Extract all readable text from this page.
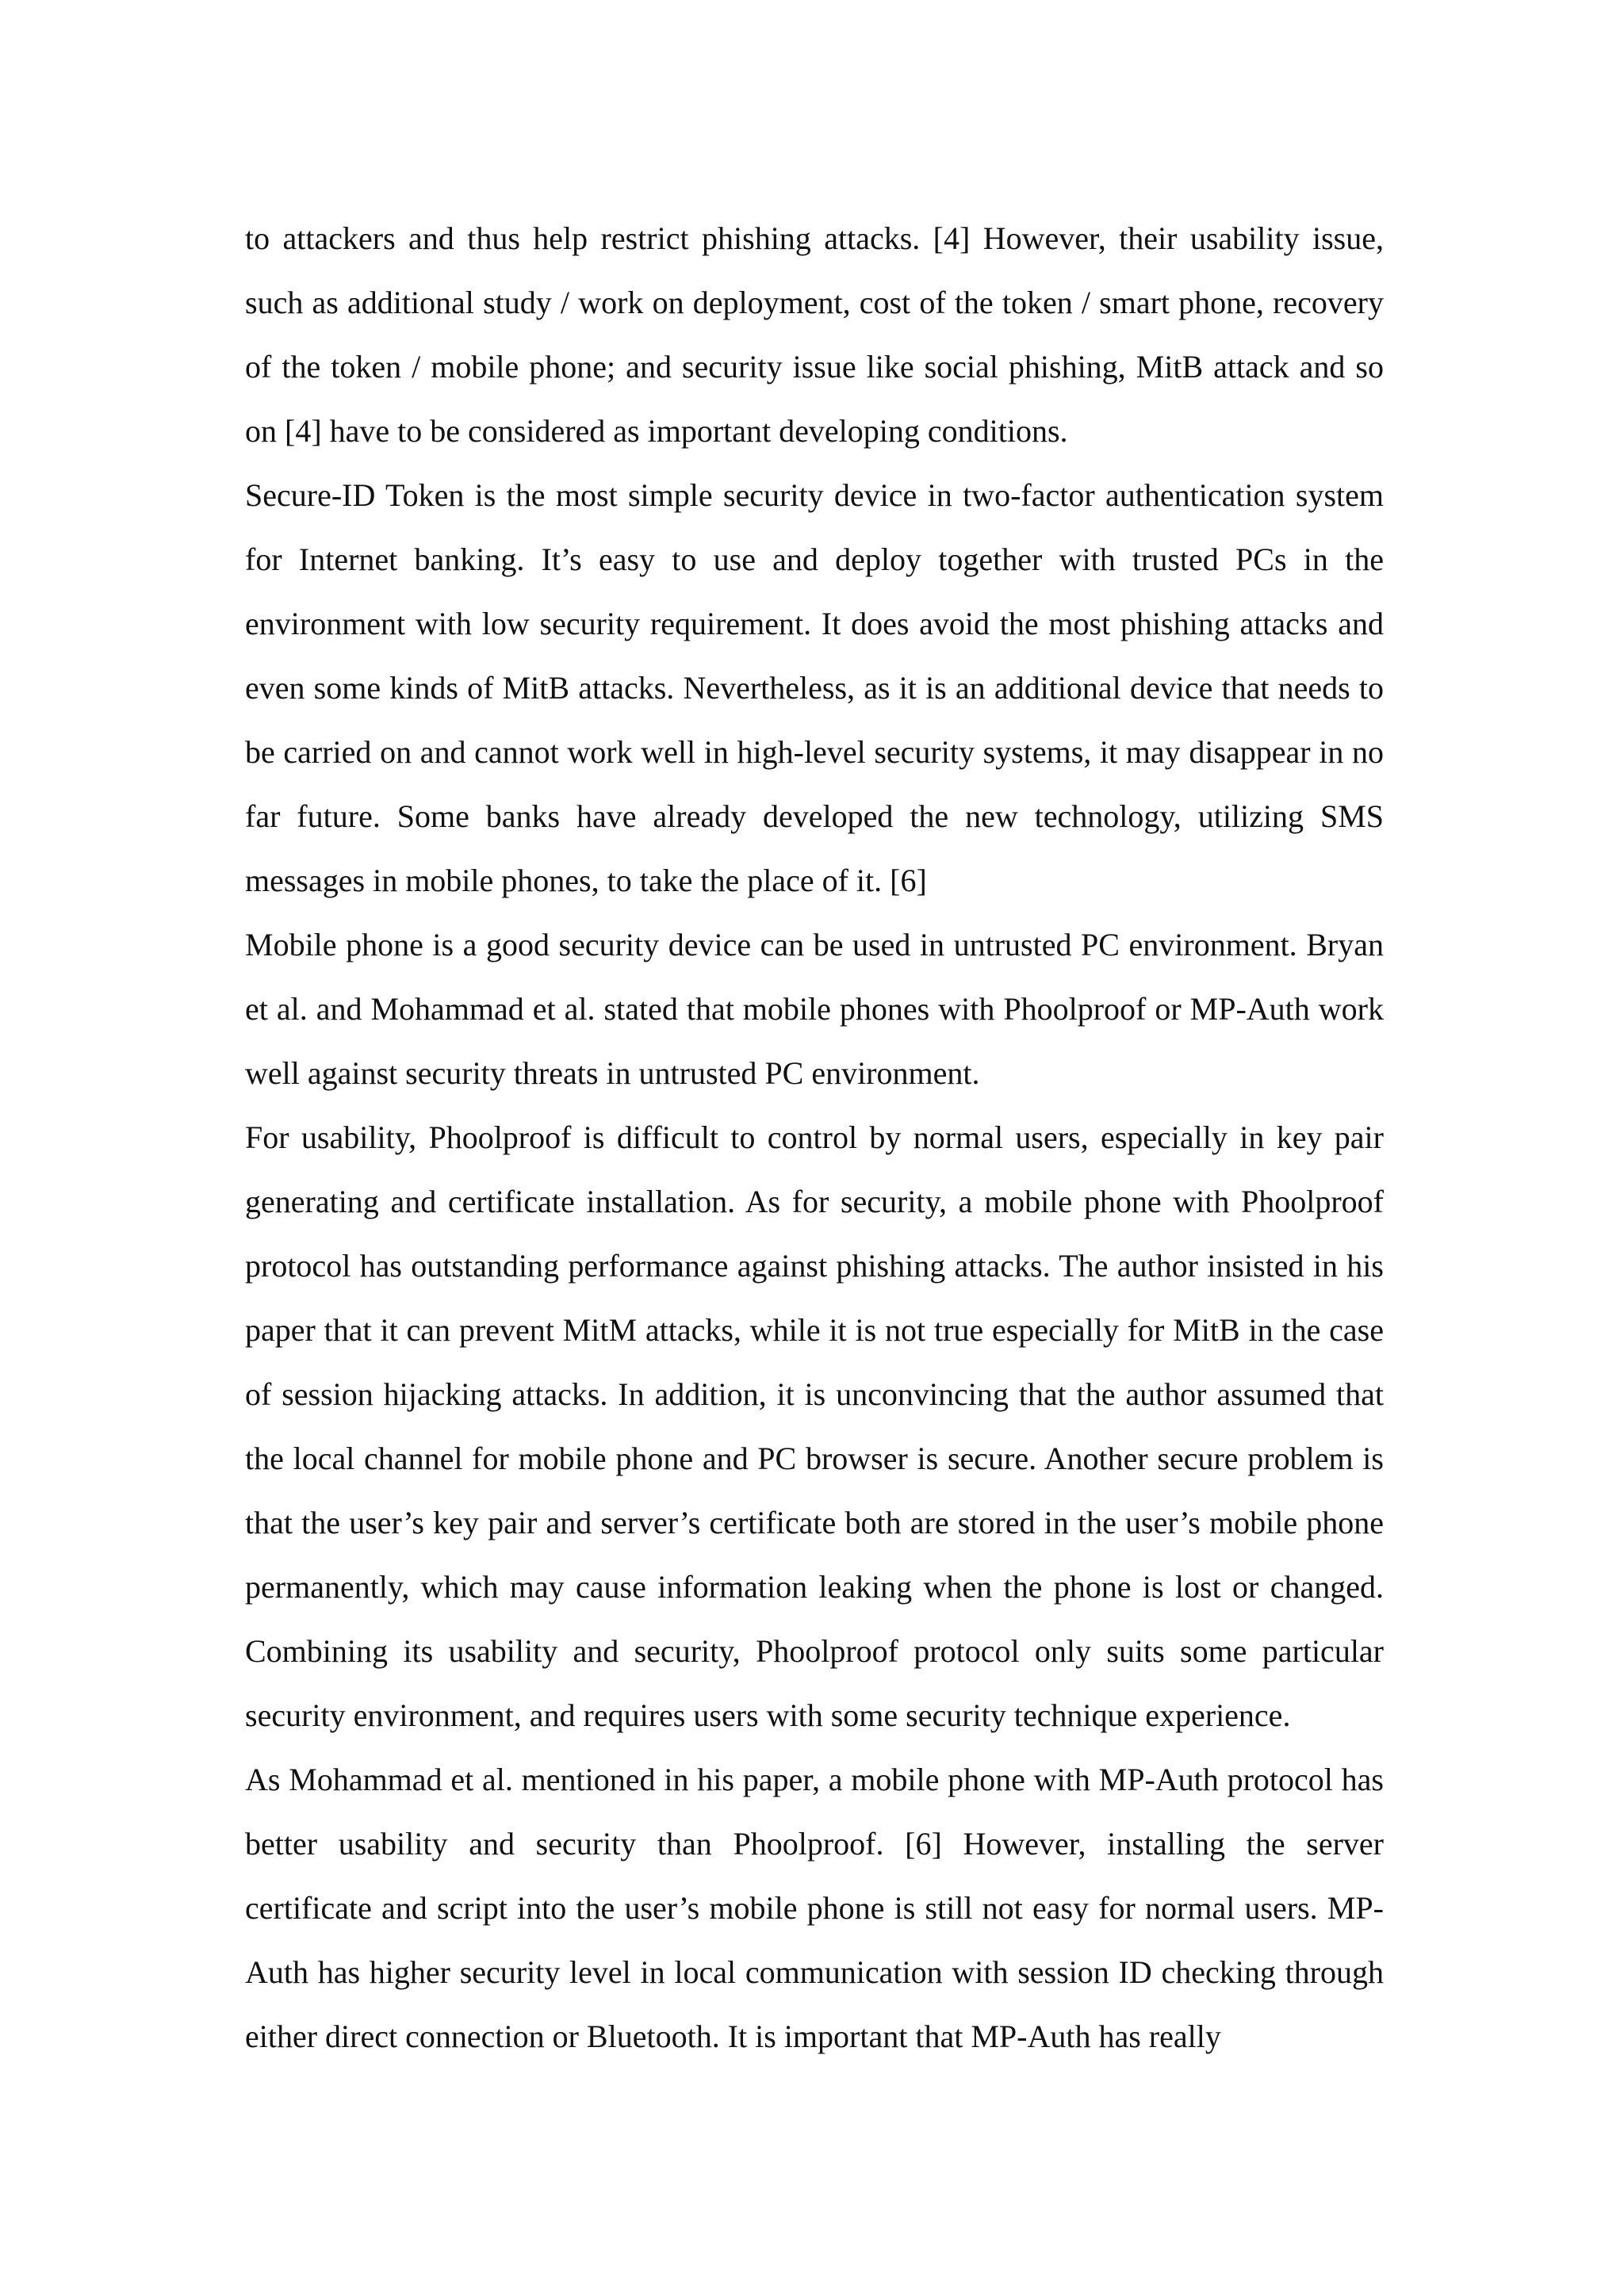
to attackers and thus help restrict phishing attacks. [4] However, their usability issue, such as additional study / work on deployment, cost of the token / smart phone, recovery of the token / mobile phone; and security issue like social phishing, MitB attack and so on [4] have to be considered as important developing conditions.

Secure-ID Token is the most simple security device in two-factor authentication system for Internet banking. It’s easy to use and deploy together with trusted PCs in the environment with low security requirement. It does avoid the most phishing attacks and even some kinds of MitB attacks. Nevertheless, as it is an additional device that needs to be carried on and cannot work well in high-level security systems, it may disappear in no far future. Some banks have already developed the new technology, utilizing SMS messages in mobile phones, to take the place of it. [6]

Mobile phone is a good security device can be used in untrusted PC environment. Bryan et al. and Mohammad et al. stated that mobile phones with Phoolproof or MP-Auth work well against security threats in untrusted PC environment.

For usability, Phoolproof is difficult to control by normal users, especially in key pair generating and certificate installation. As for security, a mobile phone with Phoolproof protocol has outstanding performance against phishing attacks. The author insisted in his paper that it can prevent MitM attacks, while it is not true especially for MitB in the case of session hijacking attacks. In addition, it is unconvincing that the author assumed that the local channel for mobile phone and PC browser is secure. Another secure problem is that the user’s key pair and server’s certificate both are stored in the user’s mobile phone permanently, which may cause information leaking when the phone is lost or changed. Combining its usability and security, Phoolproof protocol only suits some particular security environment, and requires users with some security technique experience.

As Mohammad et al. mentioned in his paper, a mobile phone with MP-Auth protocol has better usability and security than Phoolproof. [6] However, installing the server certificate and script into the user’s mobile phone is still not easy for normal users. MP-Auth has higher security level in local communication with session ID checking through either direct connection or Bluetooth. It is important that MP-Auth has really
